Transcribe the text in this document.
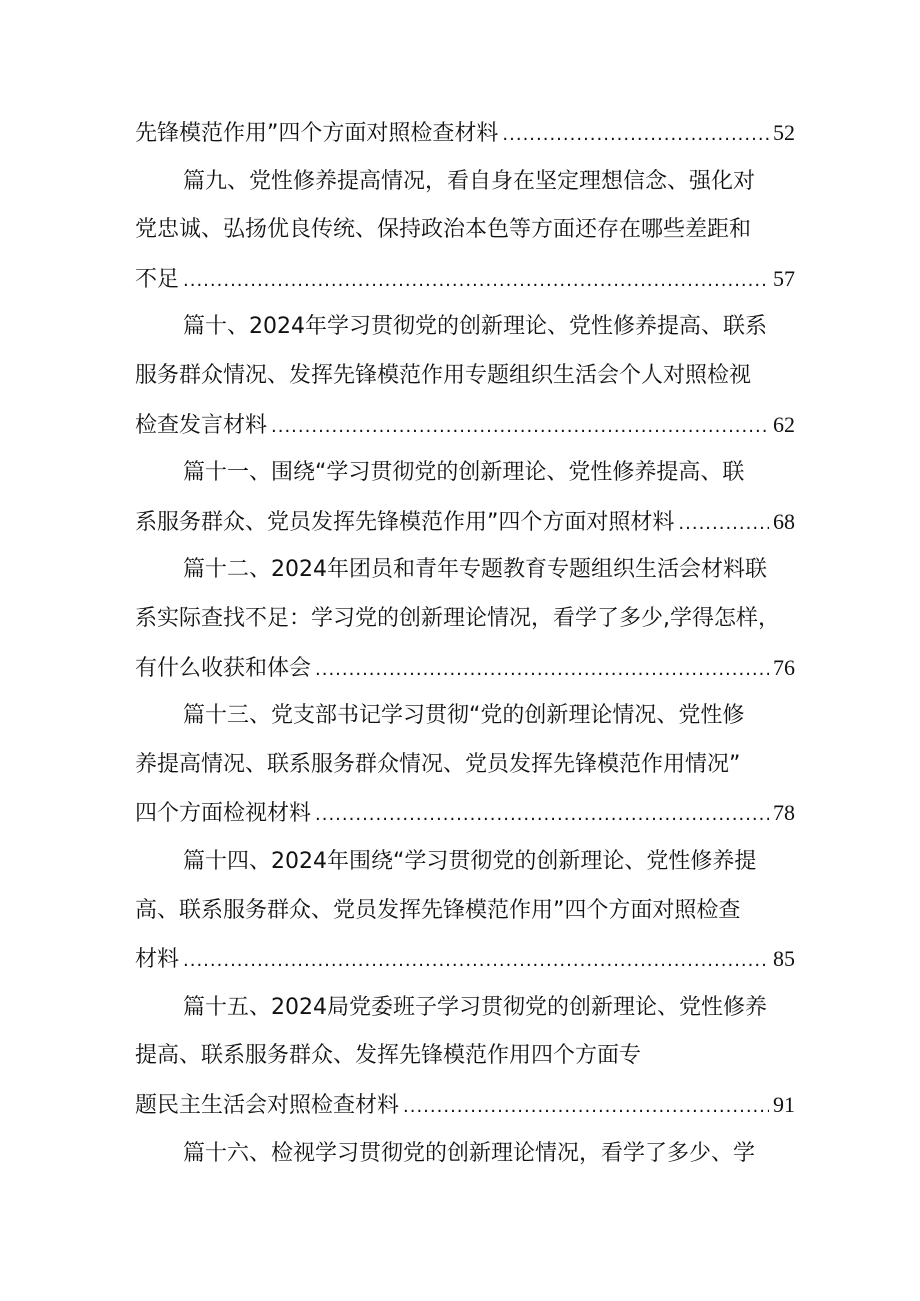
先锋模范作用”四个方面对照检查材料 .....	52
篇九、党性修养提高情况，看自身在坚定理想信念、强化对
党忠诚、弘扬优良传统、保持政治本色等方面还存在哪些差距和
不足 .....	57
篇十、2024年学习贯彻党的创新理论、党性修养提高、联系
服务群众情况、发挥先锋模范作用专题组织生活会个人对照检视
检查发言材料 .....	62
篇十一、围绕“学习贯彻党的创新理论、党性修养提高、联
系服务群众、党员发挥先锋模范作用”四个方面对照材料 .....	68
篇十二、2024年团员和青年专题教育专题组织生活会材料联
系实际查找不足：学习党的创新理论情况，看学了多少,学得怎样，
有什么收获和体会 .....	76
篇十三、党支部书记学习贯彻“党的创新理论情况、党性修
养提高情况、联系服务群众情况、党员发挥先锋模范作用情况”
四个方面检视材料 .....	78
篇十四、2024年围绕“学习贯彻党的创新理论、党性修养提
高、联系服务群众、党员发挥先锋模范作用”四个方面对照检查
材料 .....	85
篇十五、2024局党委班子学习贯彻党的创新理论、党性修养
提高、联系服务群众、发挥先锋模范作用四个方面专
题民主生活会对照检查材料 .....	91
篇十六、检视学习贯彻党的创新理论情况，看学了多少、学
